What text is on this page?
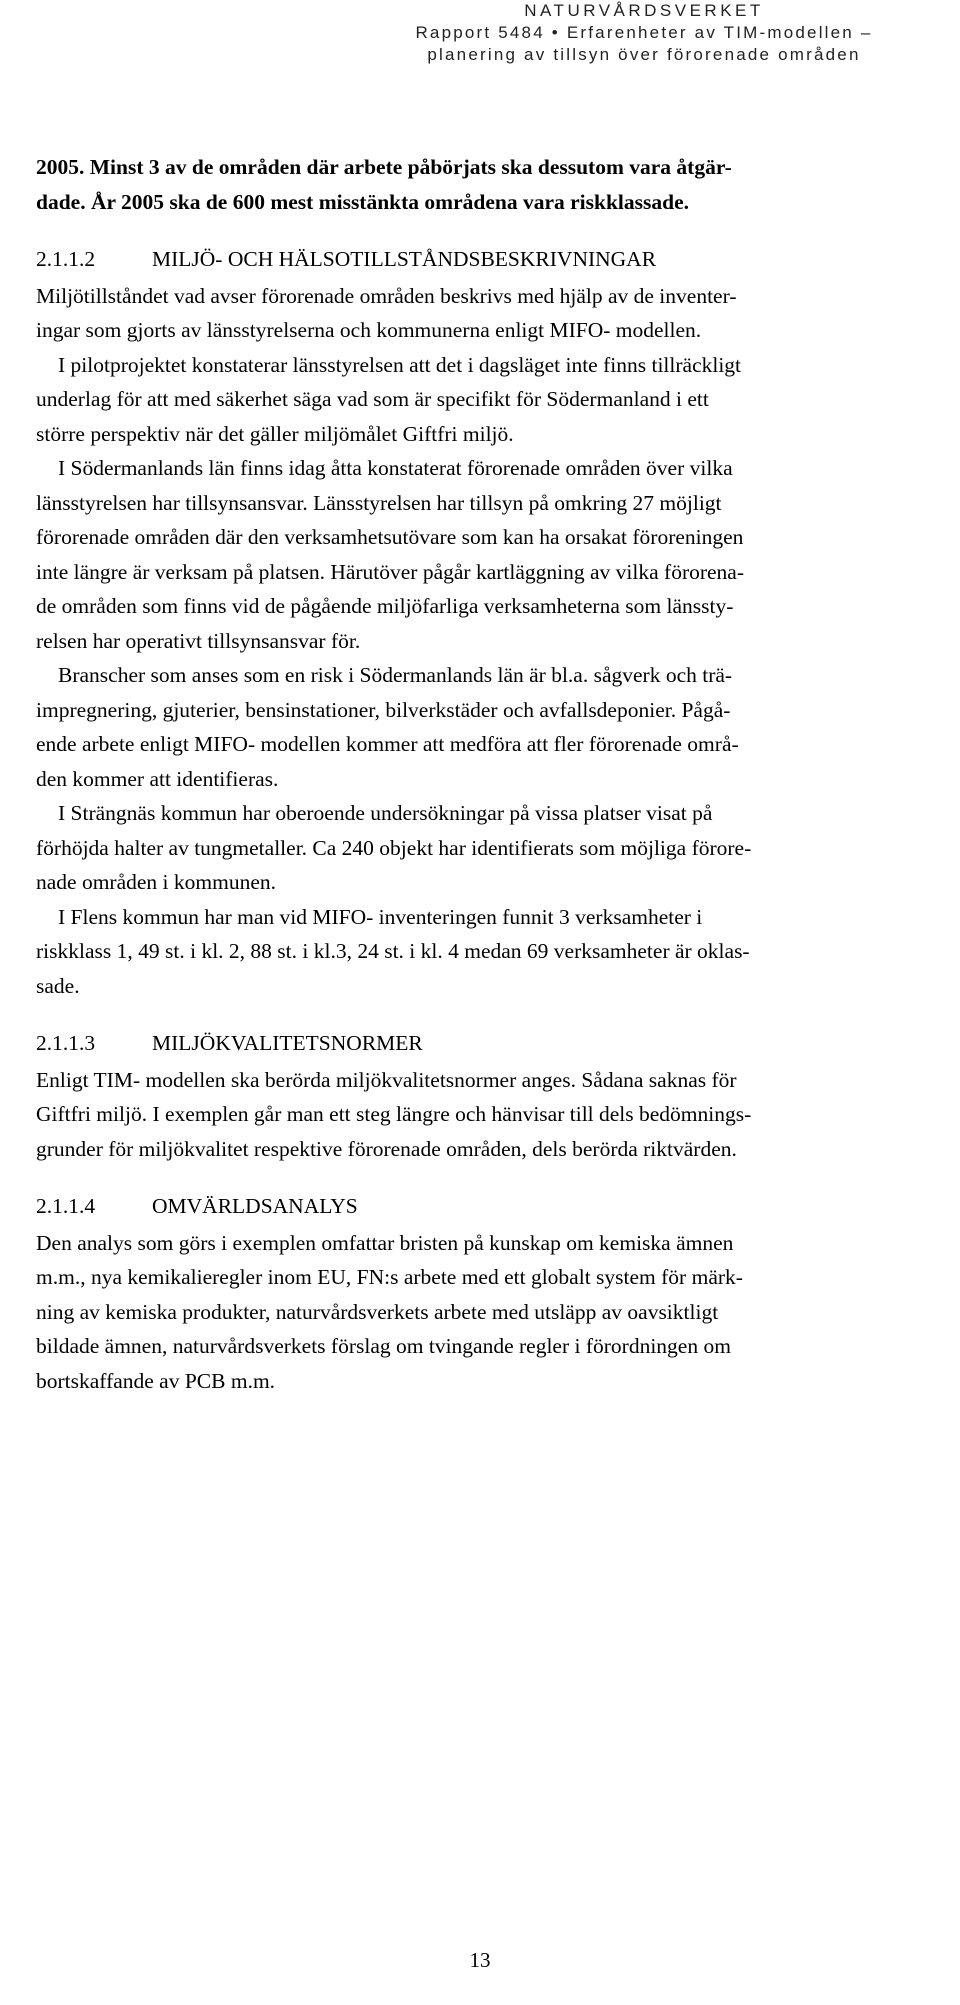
NATURVÅRDSVERKET
Rapport 5484 • Erfarenheter av TIM-modellen –
planering av tillsyn över förorenade områden
2005. Minst 3 av de områden där arbete påbörjats ska dessutom vara åtgär-
dade. År 2005 ska de 600 mest misstänkta områdena vara riskklassade.
2.1.1.2	MILJÖ- OCH HÄLSOTILLSTÅNDSBESKRIVNINGAR

Miljötillståndet vad avser förorenade områden beskrivs med hjälp av de inventer-
ingar som gjorts av länsstyrelserna och kommunerna enligt MIFO- modellen.

I pilotprojektet konstaterar länsstyrelsen att det i dagsläget inte finns tillräckligt
underlag för att med säkerhet säga vad som är specifikt för Södermanland i ett
större perspektiv när det gäller miljömålet Giftfri miljö.

I Södermanlands län finns idag åtta konstaterat förorenade områden över vilka
länsstyrelsen har tillsynsansvar. Länsstyrelsen har tillsyn på omkring 27 möjligt
förorenade områden där den verksamhetsutövare som kan ha orsakat föroreningen
inte längre är verksam på platsen. Härutöver pågår kartläggning av vilka förorena-
de områden som finns vid de pågående miljöfarliga verksamheterna som länssty-
relsen har operativt tillsynsansvar för.

Branscher som anses som en risk i Södermanlands län är bl.a. sågverk och trä-
impregnering, gjuterier, bensinstationer, bilverkstäder och avfallsdeponier. Pågå-
ende arbete enligt MIFO- modellen kommer att medföra att fler förorenade områ-
den kommer att identifieras.

I Strängnäs kommun har oberoende undersökningar på vissa platser visat på
förhöjda halter av tungmetaller. Ca 240 objekt har identifierats som möjliga förore-
nade områden i kommunen.

I Flens kommun har man vid MIFO- inventeringen funnit 3 verksamheter i
riskklass 1, 49 st. i kl. 2, 88 st. i kl.3, 24 st. i kl. 4 medan 69 verksamheter är oklas-
sade.

2.1.1.3	MILJÖKVALITETSNORMER

Enligt TIM- modellen ska berörda miljökvalitetsnormer anges. Sådana saknas för
Giftfri miljö. I exemplen går man ett steg längre och hänvisar till dels bedömnings-
grunder för miljökvalitet respektive förorenade områden, dels berörda riktvärden.

2.1.1.4	OMVÄRLDSANALYS

Den analys som görs i exemplen omfattar bristen på kunskap om kemiska ämnen
m.m., nya kemikalieregler inom EU, FN:s arbete med ett globalt system för märk-
ning av kemiska produkter, naturvårdsverkets arbete med utsläpp av oavsiktligt
bildade ämnen, naturvårdsverkets förslag om tvingande regler i förordningen om
bortskaffande av PCB m.m.

13
